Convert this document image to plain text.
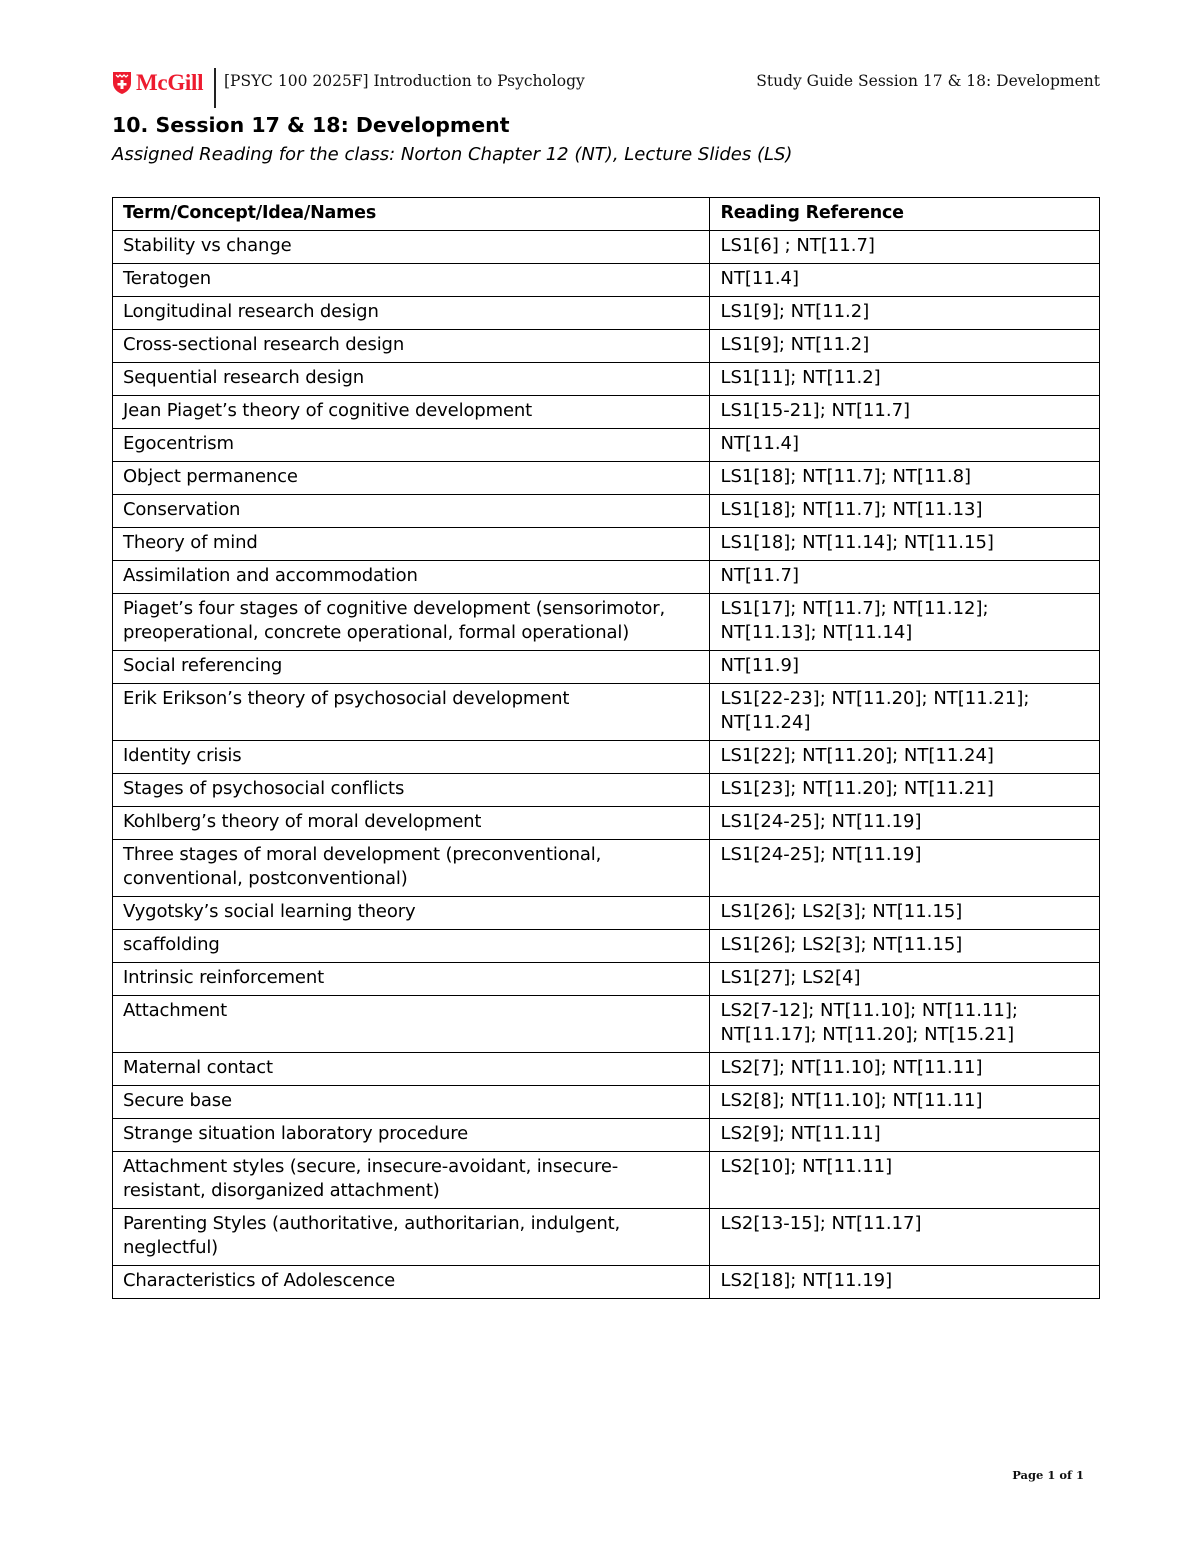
McGill [PSYC 100 2025F] Introduction to Psychology	Study Guide Session 17 & 18: Development
10. Session 17 & 18: Development

Assigned Reading for the class: Norton Chapter 12 (NT), Lecture Slides (LS)

Term/Concept/Idea/Names	Reading Reference
Stability vs change	LS1[6] ; NT[11.7]
Teratogen	NT[11.4]
Longitudinal research design	LS1[9]; NT[11.2]
Cross-sectional research design	LS1[9]; NT[11.2]
Sequential research design	LS1[11]; NT[11.2]
Jean Piaget’s theory of cognitive development	LS1[15-21]; NT[11.7]
Egocentrism	NT[11.4]
Object permanence	LS1[18]; NT[11.7]; NT[11.8]
Conservation	LS1[18]; NT[11.7]; NT[11.13]
Theory of mind	LS1[18]; NT[11.14]; NT[11.15]
Assimilation and accommodation	NT[11.7]
Piaget’s four stages of cognitive development (sensorimotor, preoperational, concrete operational, formal operational)	LS1[17]; NT[11.7]; NT[11.12]; NT[11.13]; NT[11.14]
Social referencing	NT[11.9]
Erik Erikson’s theory of psychosocial development	LS1[22-23]; NT[11.20]; NT[11.21]; NT[11.24]
Identity crisis	LS1[22]; NT[11.20]; NT[11.24]
Stages of psychosocial conflicts	LS1[23]; NT[11.20]; NT[11.21]
Kohlberg’s theory of moral development	LS1[24-25]; NT[11.19]
Three stages of moral development (preconventional, conventional, postconventional)	LS1[24-25]; NT[11.19]
Vygotsky’s social learning theory	LS1[26]; LS2[3]; NT[11.15]
scaffolding	LS1[26]; LS2[3]; NT[11.15]
Intrinsic reinforcement	LS1[27]; LS2[4]
Attachment	LS2[7-12]; NT[11.10]; NT[11.11]; NT[11.17]; NT[11.20]; NT[15.21]
Maternal contact	LS2[7]; NT[11.10]; NT[11.11]
Secure base	LS2[8]; NT[11.10]; NT[11.11]
Strange situation laboratory procedure	LS2[9]; NT[11.11]
Attachment styles (secure, insecure-avoidant, insecure-resistant, disorganized attachment)	LS2[10]; NT[11.11]
Parenting Styles (authoritative, authoritarian, indulgent, neglectful)	LS2[13-15]; NT[11.17]
Characteristics of Adolescence	LS2[18]; NT[11.19]
Page 1 of 1
